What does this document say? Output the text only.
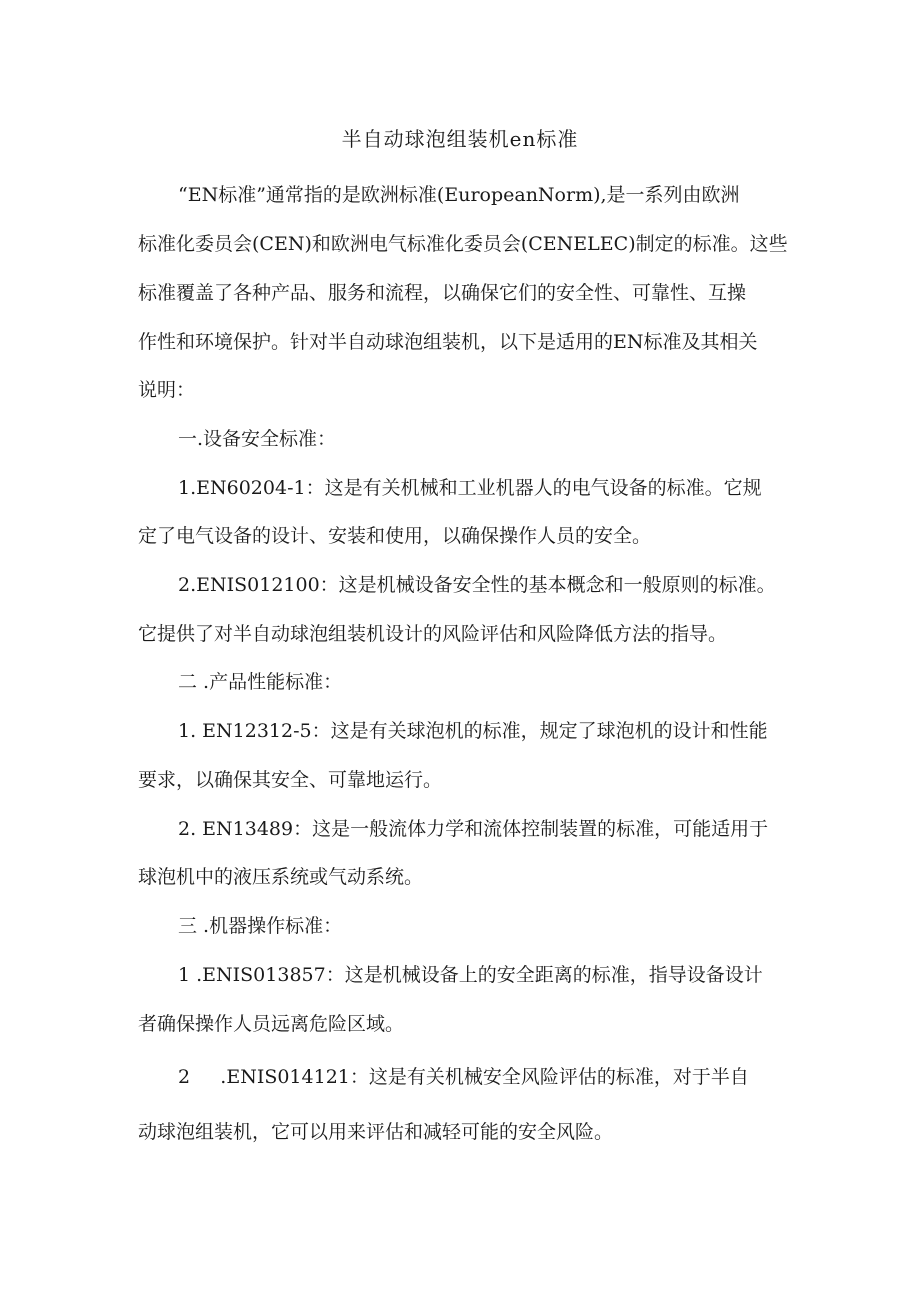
半自动球泡组装机en标准

“EN标准”通常指的是欧洲标准(EuropeanNorm),是一系列由欧洲

标准化委员会(CEN)和欧洲电气标准化委员会(CENELEC)制定的标准。这些

标准覆盖了各种产品、服务和流程，以确保它们的安全性、可靠性、互操

作性和环境保护。针对半自动球泡组装机，以下是适用的EN标准及其相关

说明：

一.设备安全标准：

1.EN60204-1：这是有关机械和工业机器人的电气设备的标准。它规

定了电气设备的设计、安装和使用，以确保操作人员的安全。

2.ENIS012100：这是机械设备安全性的基本概念和一般原则的标准。

它提供了对半自动球泡组装机设计的风险评估和风险降低方法的指导。

二 .产品性能标准：

1. EN12312-5：这是有关球泡机的标准，规定了球泡机的设计和性能

要求，以确保其安全、可靠地运行。

2. EN13489：这是一般流体力学和流体控制装置的标准，可能适用于

球泡机中的液压系统或气动系统。

三 .机器操作标准：

1 .ENIS013857：这是机械设备上的安全距离的标准，指导设备设计

者确保操作人员远离危险区域。

2     .ENIS014121：这是有关机械安全风险评估的标准，对于半自

动球泡组装机，它可以用来评估和减轻可能的安全风险。
